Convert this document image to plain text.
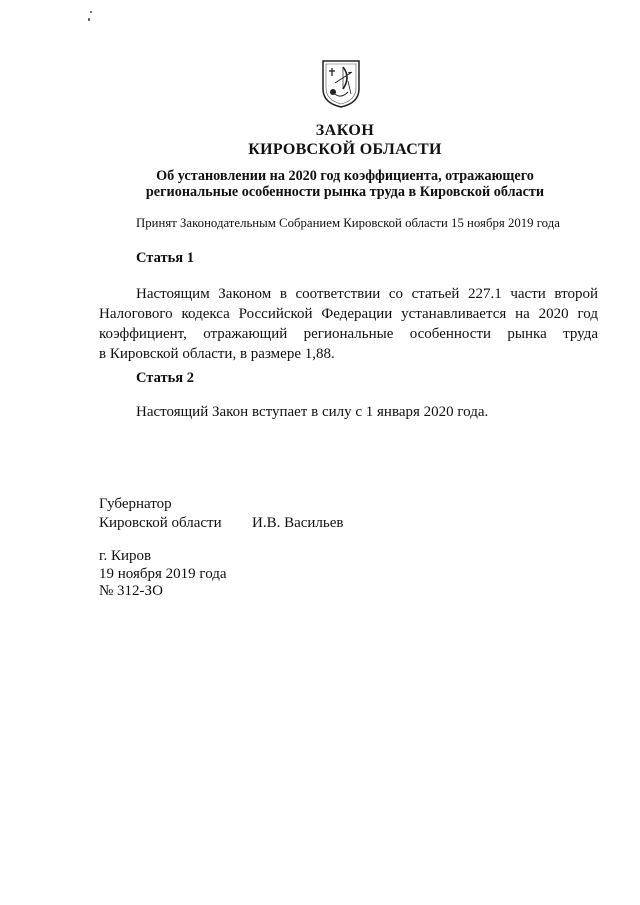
ЗАКОН
КИРОВСКОЙ ОБЛАСТИ
Об установлении на 2020 год коэффициента, отражающего
региональные особенности рынка труда в Кировской области
Принят Законодательным Собранием Кировской области 15 ноября 2019 года
Статья 1
Настоящим Законом в соответствии со статьей 227.1 части второй
Налогового кодекса Российской Федерации устанавливается на 2020 год
коэффициент, отражающий региональные особенности рынка труда
в Кировской области, в размере 1,88.
Статья 2
Настоящий Закон вступает в силу с 1 января 2020 года.
Губернатор
Кировской области И.В. Васильев
г. Киров
19 ноября 2019 года
№ 312-ЗО
